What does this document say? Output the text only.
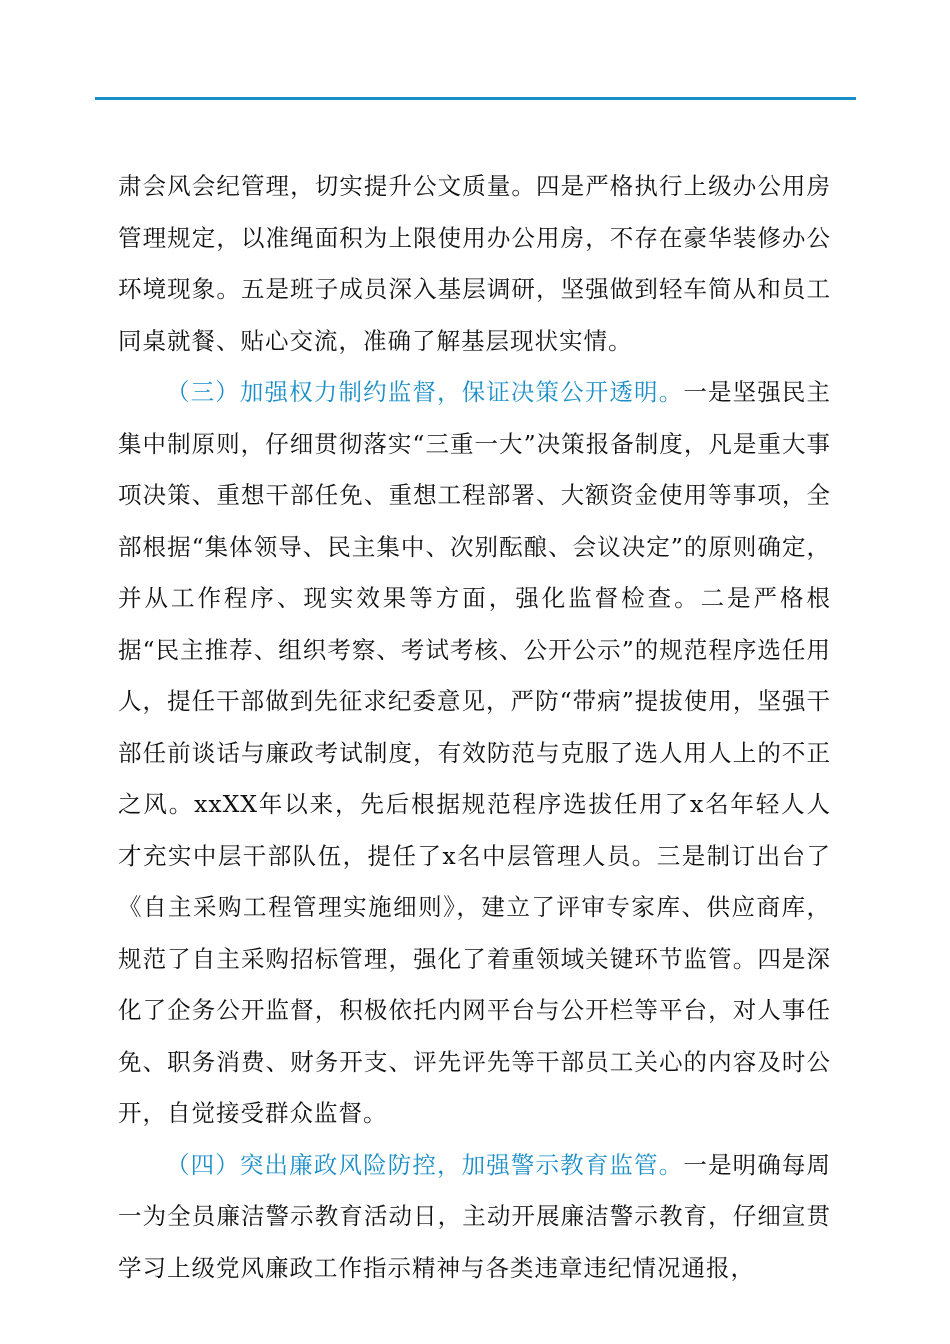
肃会风会纪管理，切实提升公文质量。四是严格执行上级办公用房管理规定，以准绳面积为上限使用办公用房，不存在豪华装修办公环境现象。五是班子成员深入基层调研，坚强做到轻车简从和员工同桌就餐、贴心交流，准确了解基层现状实情。

（三）加强权力制约监督，保证决策公开透明。一是坚强民主集中制原则，仔细贯彻落实“三重一大”决策报备制度，凡是重大事项决策、重想干部任免、重想工程部署、大额资金使用等事项，全部根据“集体领导、民主集中、次别酝酿、会议决定”的原则确定，并从工作程序、现实效果等方面，强化监督检查。二是严格根据“民主推荐、组织考察、考试考核、公开公示”的规范程序选任用人，提任干部做到先征求纪委意见，严防“带病”提拔使用，坚强干部任前谈话与廉政考试制度，有效防范与克服了选人用人上的不正之风。xxXX年以来，先后根据规范程序选拔任用了x名年轻人人才充实中层干部队伍，提任了x名中层管理人员。三是制订出台了《自主采购工程管理实施细则》，建立了评审专家库、供应商库，规范了自主采购招标管理，强化了着重领域关键环节监管。四是深化了企务公开监督，积极依托内网平台与公开栏等平台，对人事任免、职务消费、财务开支、评先评先等干部员工关心的内容及时公开，自觉接受群众监督。

（四）突出廉政风险防控，加强警示教育监管。一是明确每周一为全员廉洁警示教育活动日，主动开展廉洁警示教育，仔细宣贯学习上级党风廉政工作指示精神与各类违章违纪情况通报，
